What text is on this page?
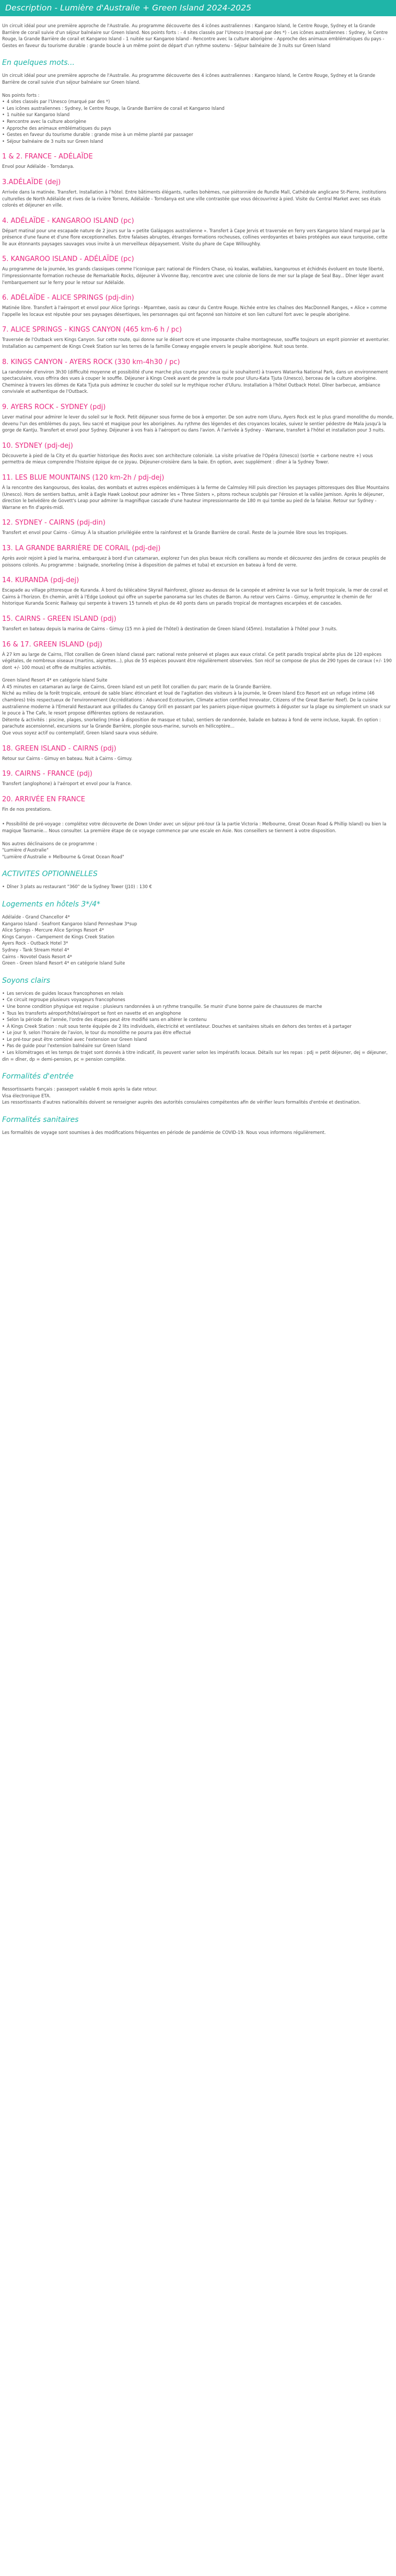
Description - Lumière d'Australie + Green Island 2024-2025

Un circuit idéal pour une première approche de l'Australie. Au programme découverte des 4 icônes australiennes : Kangaroo Island, le Centre Rouge, Sydney et la Grande Barrière de corail suivie d'un séjour balnéaire sur Green Island. Nos points forts : - 4 sites classés par l'Unesco (marqué par des *) - Les icônes australiennes : Sydney, le Centre Rouge, la Grande Barrière de corail et Kangaroo Island - 1 nuitée sur Kangaroo Island - Rencontre avec la culture aborigène - Approche des animaux emblématiques du pays - Gestes en faveur du tourisme durable : grande boucle à un même point de départ d'un rythme soutenu - Séjour balnéaire de 3 nuits sur Green Island

En quelques mots...

Un circuit idéal pour une première approche de l'Australie. Au programme découverte des 4 icônes australiennes : Kangaroo Island, le Centre Rouge, Sydney et la Grande Barrière de corail suivie d'un séjour balnéaire sur Green Island.

Nos points forts :

• 4 sites classés par l'Unesco (marqué par des *)
• Les icônes australiennes : Sydney, le Centre Rouge, la Grande Barrière de corail et Kangaroo Island
• 1 nuitée sur Kangaroo Island
• Rencontre avec la culture aborigène
• Approche des animaux emblématiques du pays
• Gestes en faveur du tourisme durable : grande mise à un même planté par passager
• Séjour balnéaire de 3 nuits sur Green Island
1 & 2. FRANCE - ADÉLAÏDE

Envol pour Adélaïde - Torndanya.

3.ADÉLAÏDE (dej)

Arrivée dans la matinée. Transfert. Installation à l'hôtel. Entre bâtiments élégants, ruelles bohèmes, rue piétonnière de Rundle Mall, Cathédrale anglicane St-Pierre, institutions culturelles de North Adélaïde et rives de la rivière Torrens, Adélaïde - Torndanya est une ville contrastée que vous découvrirez à pied. Visite du Central Market avec ses étals colorés et déjeuner en ville.

4. ADÉLAÏDE - KANGAROO ISLAND (pc)

Départ matinal pour une escapade nature de 2 jours sur la « petite Galápagos australienne ». Transfert à Cape Jervis et traversée en ferry vers Kangaroo Island marqué par la présence d'une faune et d'une flore exceptionnelles. Entre falaises abruptes, étranges formations rocheuses, collines verdoyantes et baies protégées aux eaux turquoise, cette île aux étonnants paysages sauvages vous invite à un merveilleux dépaysement. Visite du phare de Cape Willoughby.

5. KANGAROO ISLAND - ADÉLAÏDE (pc)

Au programme de la journée, les grands classiques comme l'iconique parc national de Flinders Chase, où koalas, wallabies, kangourous et échidnés évoluent en toute liberté, l'impressionnante formation rocheuse de Remarkable Rocks, déjeuner à Vivonne Bay, rencontre avec une colonie de lions de mer sur la plage de Seal Bay... Dîner léger avant l'embarquement sur le ferry pour le retour sur Adélaïde.

6. ADÉLAÏDE - ALICE SPRINGS (pdj-din)

Matinée libre. Transfert à l'aéroport et envol pour Alice Springs - Mparntwe, oasis au cœur du Centre Rouge. Nichée entre les chaînes des MacDonnell Ranges, « Alice » comme l'appelle les locaux est réputée pour ses paysages désertiques, les personnages qui ont façonné son histoire et son lien culturel fort avec le peuple aborigène.

7. ALICE SPRINGS - KINGS CANYON (465 km-6 h / pc)

Traversée de l'Outback vers Kings Canyon. Sur cette route, qui donne sur le désert ocre et une imposante chaîne montagneuse, souffle toujours un esprit pionnier et aventurier. Installation au campement de Kings Creek Station sur les terres de la famille Conway engagée envers le peuple aborigène. Nuit sous tente.

8. KINGS CANYON - AYERS ROCK (330 km-4h30 / pc)

La randonnée d'environ 3h30 (difficulté moyenne et possibilité d'une marche plus courte pour ceux qui le souhaitent) à travers Watarrka National Park, dans un environnement spectaculaire, vous offrira des vues à couper le souffle. Déjeuner à Kings Creek avant de prendre la route pour Uluru-Kata Tjuta (Unesco), berceau de la culture aborigène. Cheminez à travers les dômes de Kata Tjuta puis admirez le coucher du soleil sur le mythique rocher d'Uluru. Installation à l'hôtel Outback Hotel. Dîner barbecue, ambiance conviviale et authentique de l'Outback.

9. AYERS ROCK - SYDNEY (pdj)

Lever matinal pour admirer le lever du soleil sur le Rock. Petit déjeuner sous forme de box à emporter. De son autre nom Uluru, Ayers Rock est le plus grand monolithe du monde, devenu l'un des emblèmes du pays, lieu sacré et magique pour les aborigènes. Au rythme des légendes et des croyances locales, suivez le sentier pédestre de Mala jusqu'à la gorge de Kantju. Transfert et envol pour Sydney. Déjeuner à vos frais à l'aéroport ou dans l'avion. À l'arrivée à Sydney - Warrane, transfert à l'hôtel et installation pour 3 nuits.

10. SYDNEY (pdj-dej)

Découverte à pied de la City et du quartier historique des Rocks avec son architecture coloniale. La visite privative de l'Opéra (Unesco) (sortie + carbone neutre +) vous permettra de mieux comprendre l'histoire épique de ce joyau. Déjeuner-croisière dans la baie. En option, avec supplément : dîner à la Sydney Tower.

11. LES BLUE MOUNTAINS (120 km-2h / pdj-dej)

À la rencontre des kangourous, des koalas, des wombats et autres espèces endémiques à la ferme de Calmsley Hill puis direction les paysages pittoresques des Blue Mountains (Unesco). Hors de sentiers battus, arrêt à Eagle Hawk Lookout pour admirer les « Three Sisters », pitons rocheux sculptés par l'érosion et la vallée Jamison. Après le déjeuner, direction le belvédère de Govett's Leap pour admirer la magnifique cascade d'une hauteur impressionnante de 180 m qui tombe au pied de la falaise. Retour sur Sydney - Warrane en fin d'après-midi.

12. SYDNEY - CAIRNS (pdj-din)

Transfert et envol pour Cairns - Gimuy. À la situation privilégiée entre la rainforest et la Grande Barrière de corail. Reste de la journée libre sous les tropiques.

13. LA GRANDE BARRIÈRE DE CORAIL (pdj-dej)

Après avoir rejoint à pied la marina, embarquez à bord d'un catamaran, explorez l'un des plus beaux récifs coralliens au monde et découvrez des jardins de coraux peuplés de poissons colorés. Au programme : baignade, snorkeling (mise à disposition de palmes et tuba) et excursion en bateau à fond de verre.

14. KURANDA (pdj-dej)

Escapade au village pittoresque de Kuranda. À bord du télécabine Skyrail Rainforest, glissez au-dessus de la canopée et admirez la vue sur la forêt tropicale, la mer de corail et Cairns à l'horizon. En chemin, arrêt à l'Edge Lookout qui offre un superbe panorama sur les chutes de Barron. Au retour vers Cairns - Gimuy, empruntez le chemin de fer historique Kuranda Scenic Railway qui serpente à travers 15 tunnels et plus de 40 ponts dans un paradis tropical de montagnes escarpées et de cascades.

15. CAIRNS - GREEN ISLAND (pdj)

Transfert en bateau depuis la marina de Cairns - Gimuy (15 mn à pied de l'hôtel) à destination de Green Island (45mn). Installation à l'hôtel pour 3 nuits.

16 & 17. GREEN ISLAND (pdj)

À 27 km au large de Cairns, l'îlot corallien de Green Island classé parc national reste préservé et plages aux eaux cristal. Ce petit paradis tropical abrite plus de 120 espèces végétales, de nombreux oiseaux (martins, aigrettes...), plus de 55 espèces pouvant être régulièrement observées. Son récif se compose de plus de 290 types de coraux (+/- 190 dont +/- 100 mous) et offre de multiples activités.

Green Island Resort 4* en catégorie Island Suite

À 45 minutes en catamaran au large de Cairns, Green Island est un petit îlot corallien du parc marin de la Grande Barrière.

Niché au milieu de la forêt tropicale, entouré de sable blanc étincelant et loué de l'agitation des visiteurs à la journée, le Green Island Eco Resort est un refuge intime (46 chambres) très respectueux de l'environnement (Accréditations : Advanced Ecotourism, Climate action certified Innovator, Citizens of the Great Barrier Reef). De la cuisine australienne moderne à l'Emerald Restaurant aux grillades du Canopy Grill en passant par les paniers pique-nique gourmets à déguster sur la plage ou simplement un snack sur le pouce à The Cafe, le resort propose différentes options de restauration.

Détente & activités : piscine, plages, snorkeling (mise à disposition de masque et tuba), sentiers de randonnée, balade en bateau à fond de verre incluse, kayak. En option : parachute ascensionnel, excursions sur la Grande Barrière, plongée sous-marine, survols en hélicoptère...

Que vous soyez actif ou contemplatif, Green Island saura vous séduire.

18. GREEN ISLAND - CAIRNS (pdj)

Retour sur Cairns - Gimuy en bateau. Nuit à Cairns - Gimuy.

19. CAIRNS - FRANCE (pdj)

Transfert (anglophone) à l'aéroport et envol pour la France.

20. ARRIVÉE EN FRANCE

Fin de nos prestations.

• Possibilité de pré-voyage : complétez votre découverte de Down Under avec un séjour pré-tour (à la partie Victoria : Melbourne, Great Ocean Road & Phillip Island) ou bien la magique Tasmanie... Nous consulter. La première étape de ce voyage commence par une escale en Asie. Nos conseillers se tiennent à votre disposition.

Nos autres déclinaisons de ce programme :

"Lumière d'Australie"

"Lumière d'Australie + Melbourne & Great Ocean Road"

ACTIVITES OPTIONNELLES
• Dîner 3 plats au restaurant "360" de la Sydney Tower (J10) : 130 €
Logements en hôtels 3*/4*

Adélaïde - Grand Chancellor 4*

Kangaroo Island - Seafront Kangaroo Island Penneshaw 3*sup

Alice Springs - Mercure Alice Springs Resort 4*

Kings Canyon - Campement de Kings Creek Station

Ayers Rock - Outback Hotel 3*

Sydney - Tank Stream Hotel 4*

Cairns - Novotel Oasis Resort 4*

Green - Green Island Resort 4* en catégorie Island Suite

Soyons clairs
• Les services de guides locaux francophones en relais
• Ce circuit regroupe plusieurs voyageurs francophones
• Une bonne condition physique est requise : plusieurs randonnées à un rythme tranquille. Se munir d'une bonne paire de chaussures de marche
• Tous les transferts aéroport/hôtel/aéroport se font en navette et en anglophone
• Selon la période de l'année, l'ordre des étapes peut être modifié sans en altérer le contenu
• À Kings Creek Station : nuit sous tente équipée de 2 lits individuels, électricité et ventilateur. Douches et sanitaires situés en dehors des tentes et à partager
• Le jour 9, selon l'horaire de l'avion, le tour du monolithe ne pourra pas être effectué
• Le pré-tour peut être combiné avec l'extension sur Green Island
• Pas de guide pour l'extension balnéaire sur Green Island
• Les kilométrages et les temps de trajet sont donnés à titre indicatif, ils peuvent varier selon les impératifs locaux. Détails sur les repas : pdj = petit déjeuner, dej = déjeuner, din = dîner, dp = demi-pension, pc = pension complète.
Formalités d'entrée

Ressortissants français : passeport valable 6 mois après la date retour.

Visa électronique ETA.

Les ressortissants d'autres nationalités doivent se renseigner auprès des autorités consulaires compétentes afin de vérifier leurs formalités d'entrée et destination.

Formalités sanitaires

Les formalités de voyage sont soumises à des modifications fréquentes en période de pandémie de COVID-19. Nous vous informons régulièrement.
